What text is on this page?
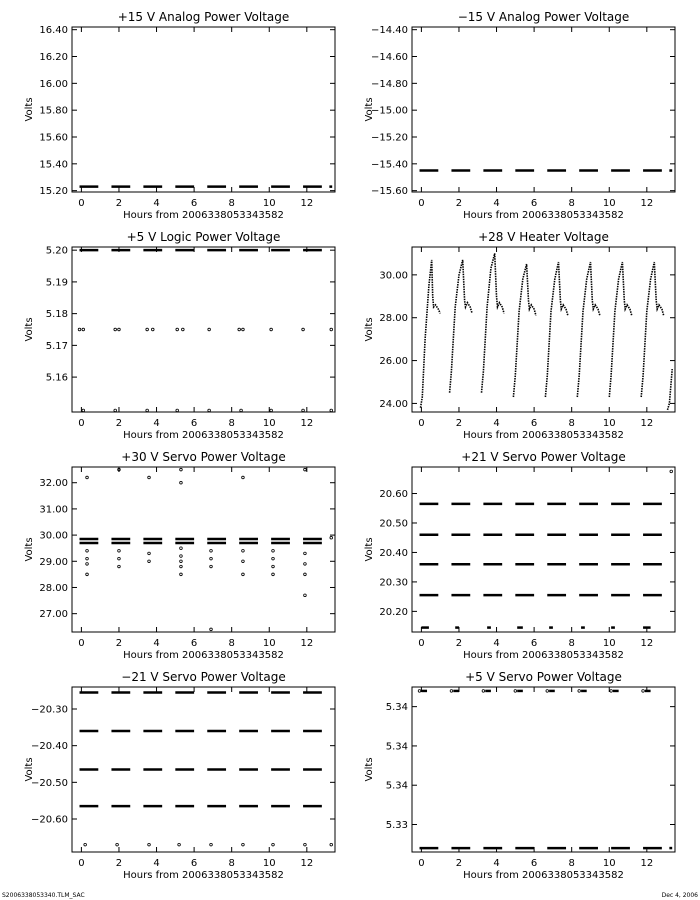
+15 V Analog Power Voltage
0	2	4	6	8	10 12
15.20
15.40
15.60
15.80
16.00
16.20
16.40
Hours from 2006338053343582
Volts
−15 V Analog Power Voltage
0	2	4	6	8	10 12
−15.60
−15.40
−15.20
−15.00
−14.80
−14.60
−14.40
Hours from 2006338053343582
Volts
+5 V Logic Power Voltage
0	2	4	6	8	10 12
5.16
5.17
5.18
5.19
5.20
Hours from 2006338053343582
Volts
+28 V Heater Voltage
0	2	4	6	8	10 12
24.00
26.00
28.00
30.00
Hours from 2006338053343582
Volts
+30 V Servo Power Voltage
0	2	4	6	8	10 12
27.00
28.00
29.00
30.00
31.00
32.00
Hours from 2006338053343582
Volts
+21 V Servo Power Voltage
0	2	4	6	8	10 12
20.20
20.30
20.40
20.50
20.60
Hours from 2006338053343582
Volts
−21 V Servo Power Voltage
0	2	4	6	8	10 12
−20.60
−20.50
−20.40
−20.30
Hours from 2006338053343582
Volts
+5 V Servo Power Voltage
0	2	4	6	8	10 12
5.33
5.34
5.34
5.34
Hours from 2006338053343582
Volts
S2006338053340.TLM_SAC	Dec 4, 2006
